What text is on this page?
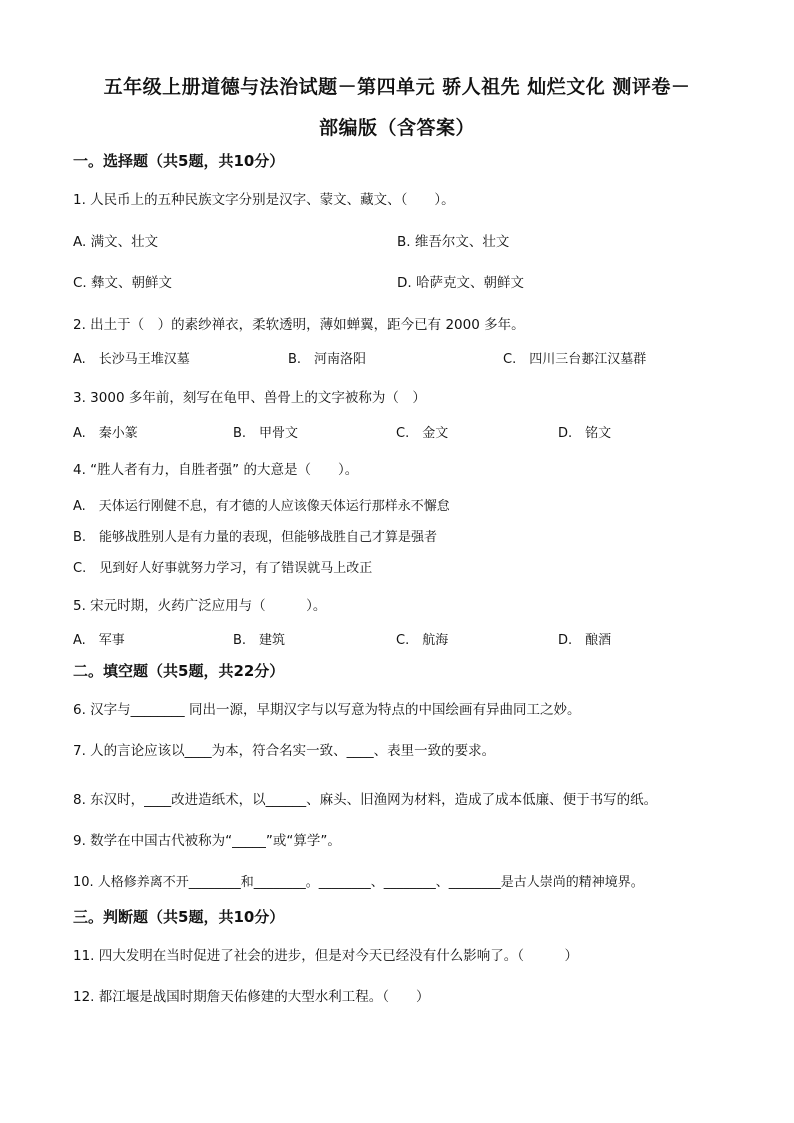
五年级上册道德与法治试题－第四单元 骄人祖先 灿烂文化 测评卷－
部编版（含答案）
一。选择题（共5题，共10分）
1. 人民币上的五种民族文字分别是汉字、蒙文、藏文、（　　）。
A. 满文、壮文	B. 维吾尔文、壮文
C. 彝文、朝鲜文	D. 哈萨克文、朝鲜文
2. 出土于（　）的素纱禅衣，柔软透明，薄如蝉翼，距今已有 2000 多年。
A.　长沙马王堆汉墓	B.　河南洛阳	C.　四川三台郪江汉墓群
3. 3000 多年前，刻写在龟甲、兽骨上的文字被称为（　）
A.　秦小篆	B.　甲骨文	C.　金文	D.　铭文
4. “胜人者有力，自胜者强” 的大意是（　　）。
A.　天体运行刚健不息，有才德的人应该像天体运行那样永不懈怠
B.　能够战胜别人是有力量的表现，但能够战胜自己才算是强者
C.　见到好人好事就努力学习，有了错误就马上改正
5. 宋元时期，火药广泛应用与（　　　）。
A.　军事	B.　建筑	C.　航海	D.　酿酒
二。填空题（共5题，共22分）
6. 汉字与________ 同出一源，早期汉字与以写意为特点的中国绘画有异曲同工之妙。
7. 人的言论应该以____为本，符合名实一致、____、表里一致的要求。
8. 东汉时，____改进造纸术，以______、麻头、旧渔网为材料，造成了成本低廉、便于书写的纸。
9. 数学在中国古代被称为“_____”或“算学”。
10. 人格修养离不开________和________。________、________、________是古人崇尚的精神境界。
三。判断题（共5题，共10分）
11. 四大发明在当时促进了社会的进步，但是对今天已经没有什么影响了。（　　　）
12. 都江堰是战国时期詹天佑修建的大型水利工程。（　　）
